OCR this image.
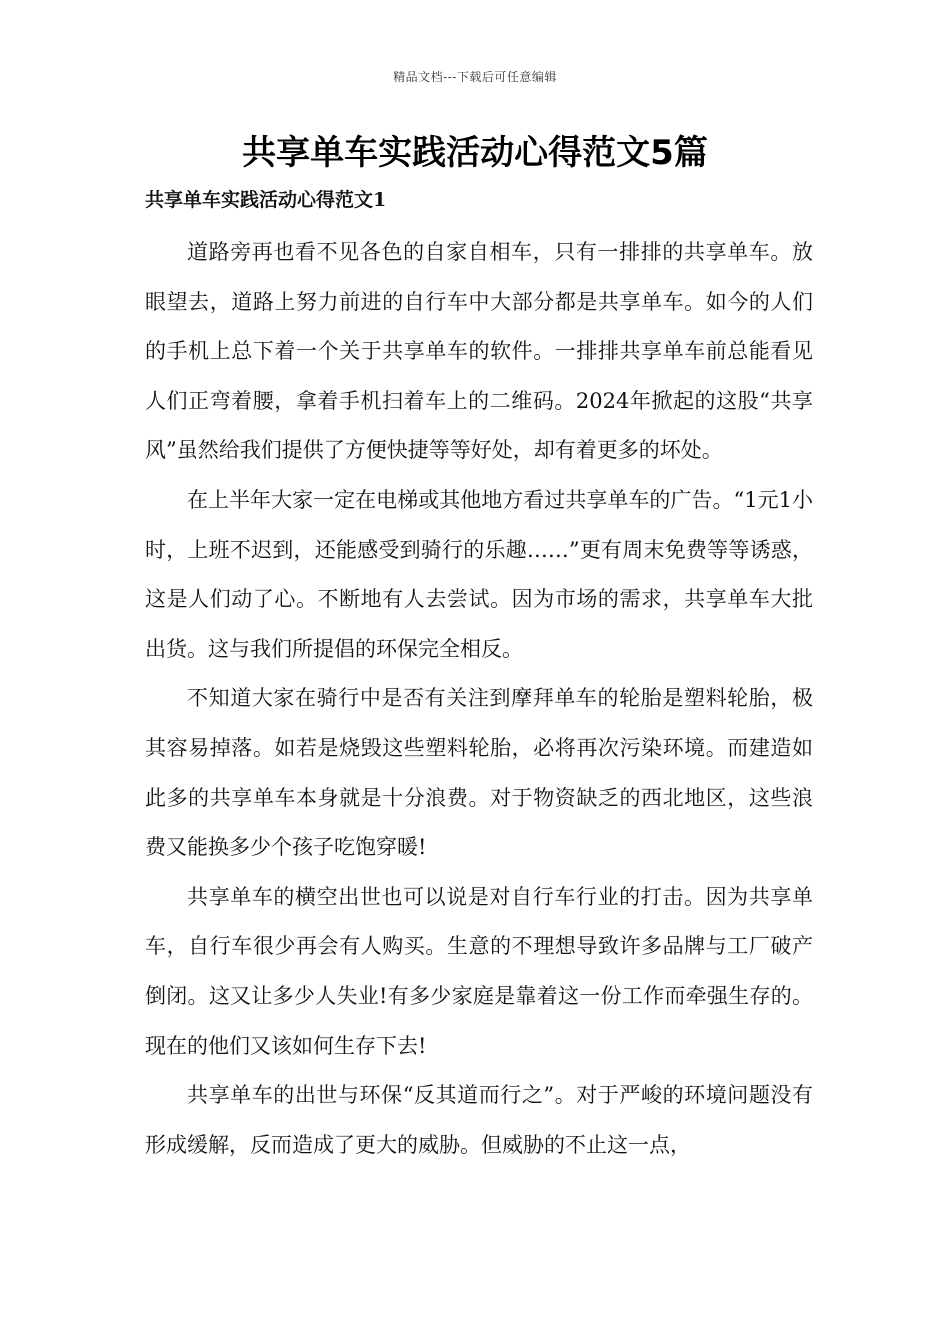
精品文档---下载后可任意编辑
共享单车实践活动心得范文5篇
共享单车实践活动心得范文1

道路旁再也看不见各色的自家自相车，只有一排排的共享单车。放眼望去，道路上努力前进的自行车中大部分都是共享单车。如今的人们的手机上总下着一个关于共享单车的软件。一排排共享单车前总能看见人们正弯着腰，拿着手机扫着车上的二维码。2024年掀起的这股“共享风”虽然给我们提供了方便快捷等等好处，却有着更多的坏处。

在上半年大家一定在电梯或其他地方看过共享单车的广告。“1元1小时，上班不迟到，还能感受到骑行的乐趣……”更有周末免费等等诱惑，这是人们动了心。不断地有人去尝试。因为市场的需求，共享单车大批出货。这与我们所提倡的环保完全相反。

不知道大家在骑行中是否有关注到摩拜单车的轮胎是塑料轮胎，极其容易掉落。如若是烧毁这些塑料轮胎，必将再次污染环境。而建造如此多的共享单车本身就是十分浪费。对于物资缺乏的西北地区，这些浪费又能换多少个孩子吃饱穿暖!

共享单车的横空出世也可以说是对自行车行业的打击。因为共享单车，自行车很少再会有人购买。生意的不理想导致许多品牌与工厂破产倒闭。这又让多少人失业!有多少家庭是靠着这一份工作而牵强生存的。现在的他们又该如何生存下去!

共享单车的出世与环保“反其道而行之”。对于严峻的环境问题没有形成缓解，反而造成了更大的威胁。但威胁的不止这一点，
